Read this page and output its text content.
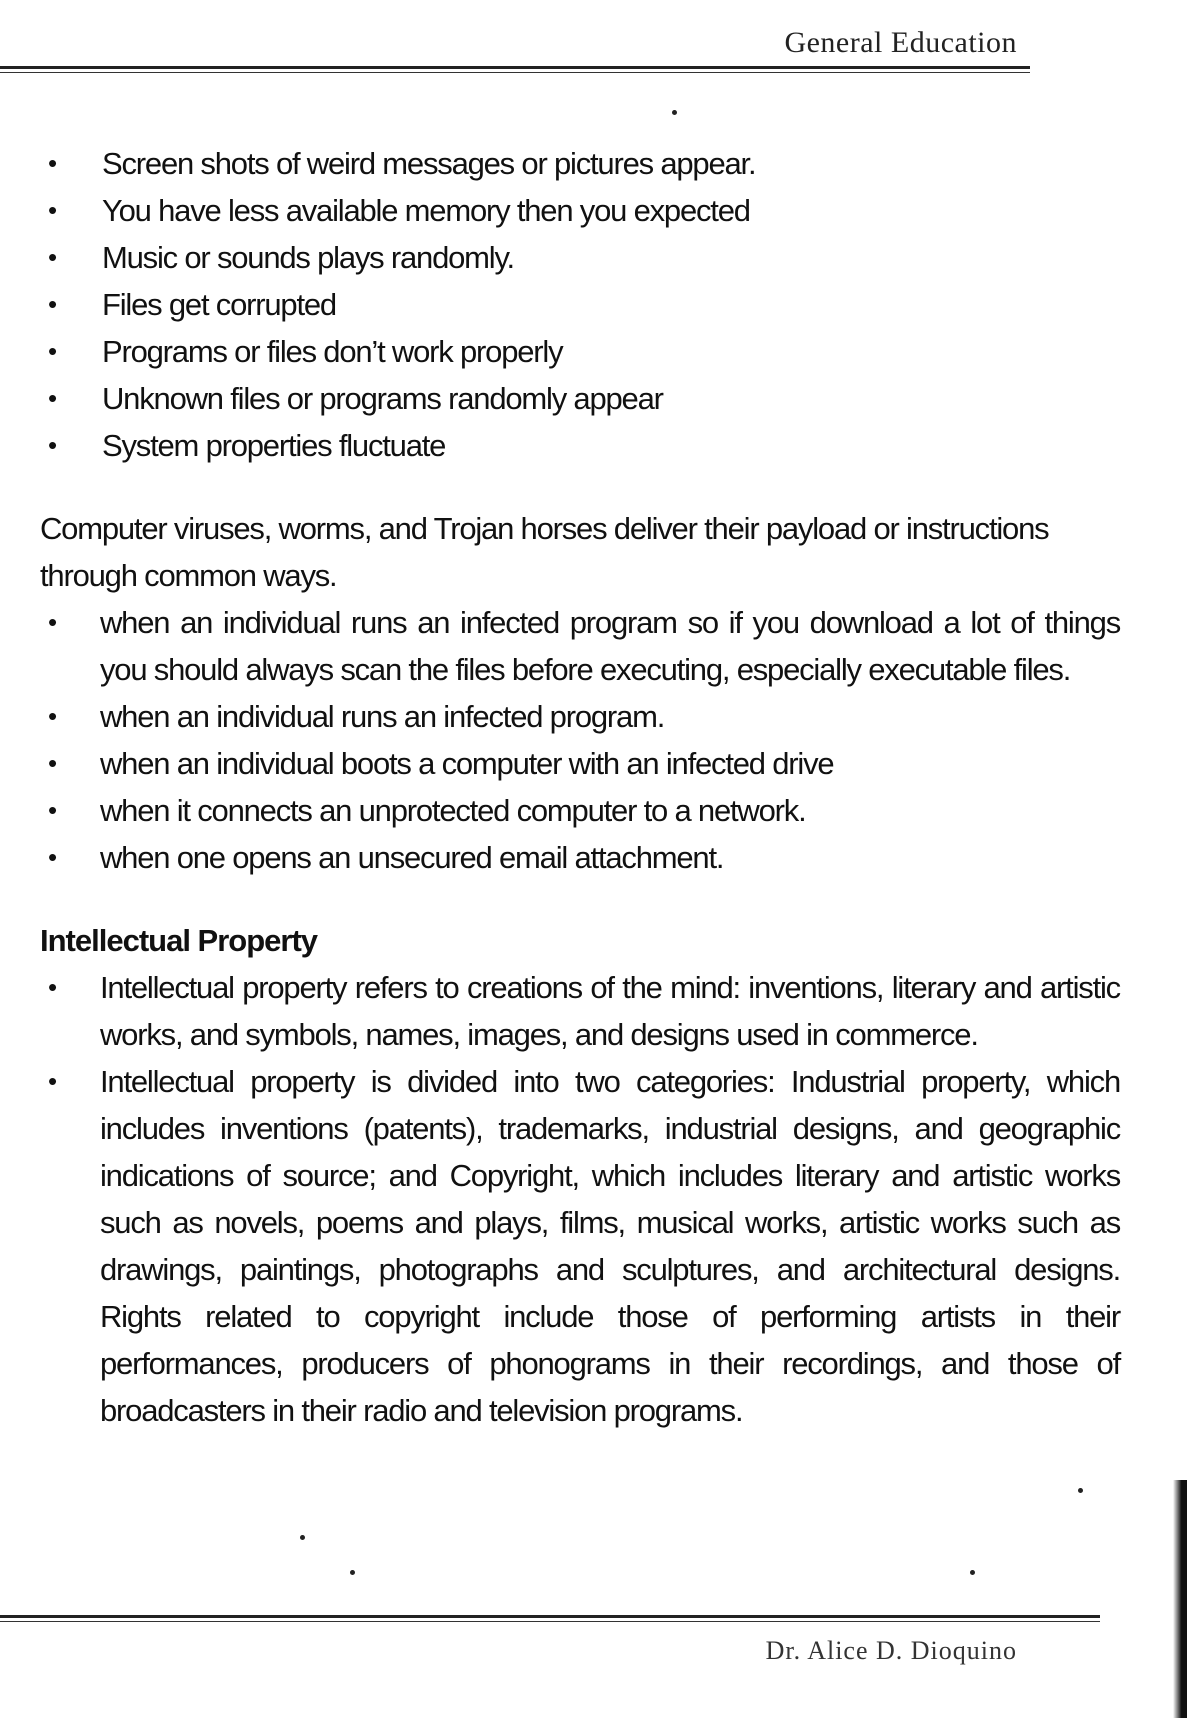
General Education
• Screen shots of weird messages or pictures appear.
• You have less available memory then you expected
• Music or sounds plays randomly.
• Files get corrupted
• Programs or files don’t work properly
• Unknown files or programs randomly appear
• System properties fluctuate

Computer viruses, worms, and Trojan horses deliver their payload or instructions through common ways.

• when an individual runs an infected program so if you download a lot of things you should always scan the files before executing, especially executable files.
• when an individual runs an infected program.
• when an individual boots a computer with an infected drive
• when it connects an unprotected computer to a network.
• when one opens an unsecured email attachment.
Intellectual Property
• Intellectual property refers to creations of the mind: inventions, literary and artistic works, and symbols, names, images, and designs used in commerce.
• Intellectual property is divided into two categories: Industrial property, which includes inventions (patents), trademarks, industrial designs, and geographic indications of source; and Copyright, which includes literary and artistic works such as novels, poems and plays, films, musical works, artistic works such as drawings, paintings, photographs and sculptures, and architectural designs. Rights related to copyright include those of performing artists in their performances, producers of phonograms in their recordings, and those of broadcasters in their radio and television programs.
Dr. Alice D. Dioquino
